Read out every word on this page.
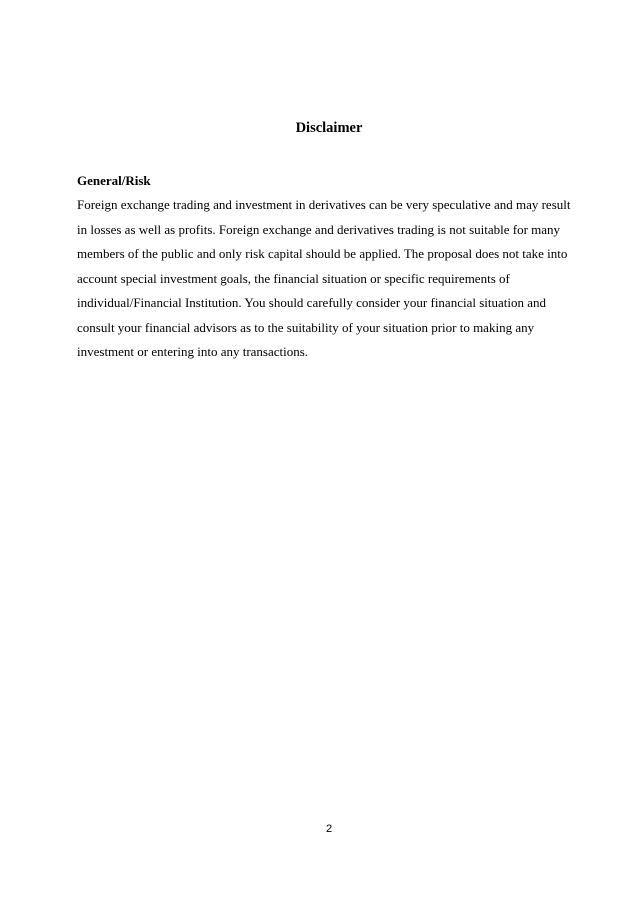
Disclaimer
General/Risk
Foreign exchange trading and investment in derivatives can be very speculative and may result
in losses as well as profits. Foreign exchange and derivatives trading is not suitable for many
members of the public and only risk capital should be applied. The proposal does not take into
account special investment goals, the financial situation or specific requirements of
individual/Financial Institution. You should carefully consider your financial situation and
consult your financial advisors as to the suitability of your situation prior to making any
investment or entering into any transactions.
2
